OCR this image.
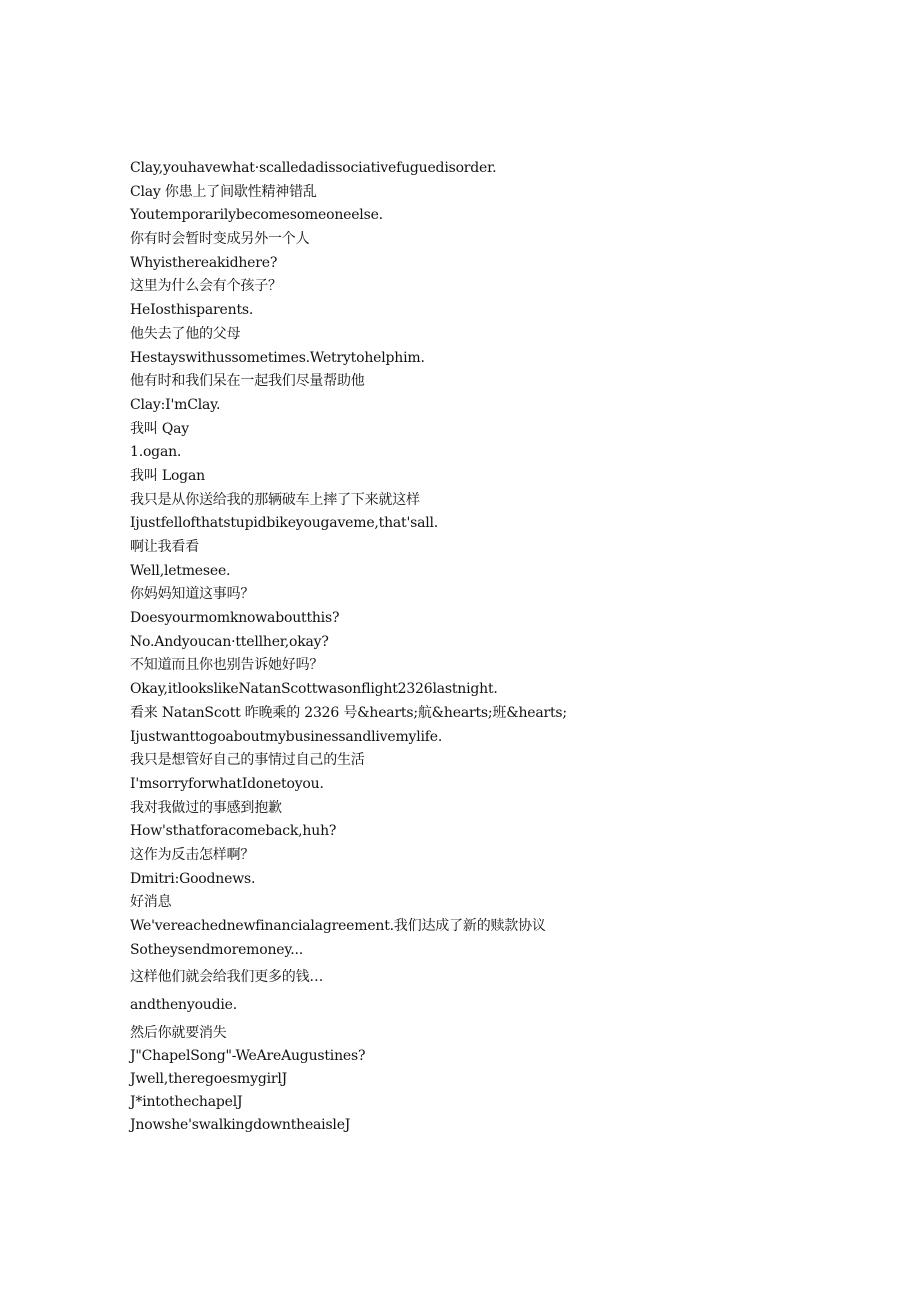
Clay,youhavewhat·scalledadissociativefuguedisorder.
Clay 你患上了间歇性精神错乱
Youtemporarilybecomesomeoneelse.
你有时会暂时变成另外一个人
Whyisthereakidhere?
这里为什么会有个孩子？
HeIosthisparents.
他失去了他的父母
Hestayswithussometimes.Wetrytohelphim.
他有时和我们呆在一起我们尽量帮助他
Clay:I'mClay.
我叫 Qay
1.ogan.
我叫 Logan
我只是从你送给我的那辆破车上摔了下来就这样
Ijustfellofthatstupidbikeyougaveme,that'sall.
啊让我看看
Well,letmesee.
你妈妈知道这事吗？
Doesyourmomknowaboutthis?
No.Andyoucan·ttellher,okay?
不知道而且你也别告诉她好吗？
Okay,itlookslikeNatanScottwasonflight2326lastnight.
看来 NatanScott 昨晚乘的 2326 号&hearts;航&hearts;班&hearts;
Ijustwanttogoaboutmybusinessandlivemylife.
我只是想管好自己的事情过自己的生活
I'msorryforwhatIdonetoyou.
我对我做过的事感到抱歉
How'sthatforacomeback,huh?
这作为反击怎样啊？
Dmitri:Goodnews.
好消息
We'vereachednewfinancialagreement.我们达成了新的赎款协议
Sotheysendmoremoney...
这样他们就会给我们更多的钱…
andthenyoudie.
然后你就要消失
J"ChapelSong"-WeAreAugustines?
Jwell,theregoesmygirlJ
J*intothechapelJ
Jnowshe'swalkingdowntheaisleJ
